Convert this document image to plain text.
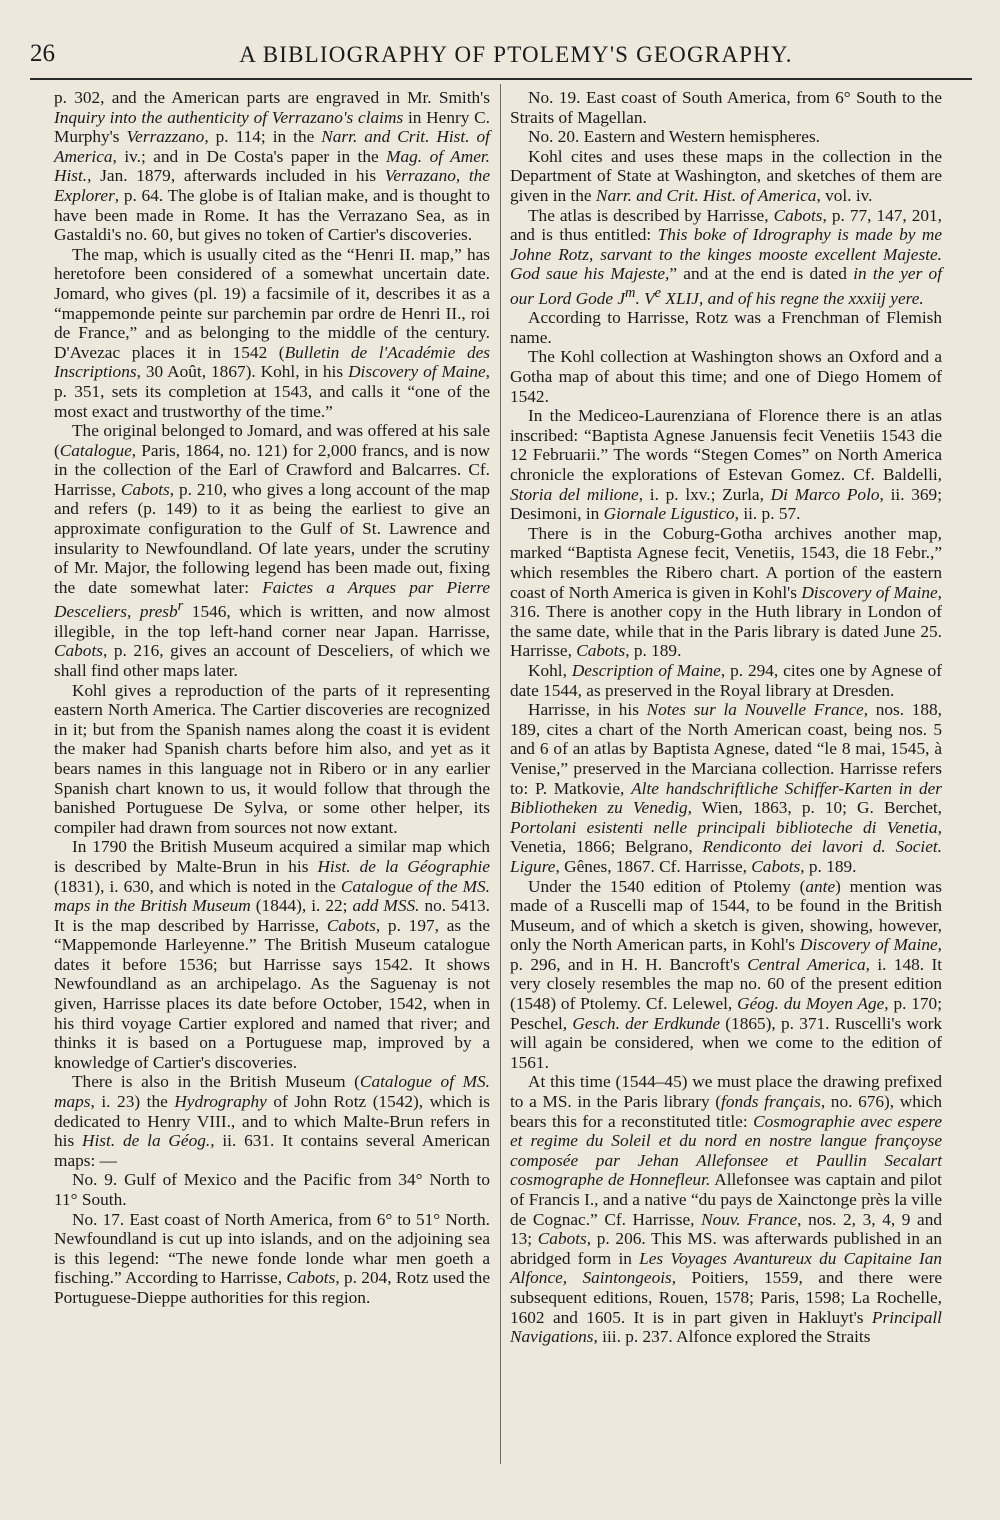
26	A BIBLIOGRAPHY OF PTOLEMY'S GEOGRAPHY.

p. 302, and the American parts are engraved in Mr. Smith's Inquiry into the authenticity of Verrazano's claims in Henry C. Murphy's Verrazzano, p. 114; in the Narr. and Crit. Hist. of America, iv.; and in De Costa's paper in the Mag. of Amer. Hist., Jan. 1879, afterwards included in his Verrazano, the Explorer, p. 64. The globe is of Italian make, and is thought to have been made in Rome. It has the Verrazano Sea, as in Gastaldi's no. 60, but gives no token of Cartier's discoveries.

The map, which is usually cited as the “Henri II. map,” has heretofore been considered of a somewhat uncertain date. Jomard, who gives (pl. 19) a facsimile of it, describes it as a “mappemonde peinte sur parchemin par ordre de Henri II., roi de France,” and as belonging to the middle of the century. D'Avezac places it in 1542 (Bulletin de l'Académie des Inscriptions, 30 Août, 1867). Kohl, in his Discovery of Maine, p. 351, sets its completion at 1543, and calls it “one of the most exact and trustworthy of the time.”

The original belonged to Jomard, and was offered at his sale (Catalogue, Paris, 1864, no. 121) for 2,000 francs, and is now in the collection of the Earl of Crawford and Balcarres. Cf. Harrisse, Cabots, p. 210, who gives a long account of the map and refers (p. 149) to it as being the earliest to give an approximate configuration to the Gulf of St. Lawrence and insularity to Newfoundland. Of late years, under the scrutiny of Mr. Major, the following legend has been made out, fixing the date somewhat later: Faictes a Arques par Pierre Desceliers, presb$^r$ 1546, which is written, and now almost illegible, in the top left-hand corner near Japan. Harrisse, Cabots, p. 216, gives an account of Desceliers, of which we shall find other maps later.

Kohl gives a reproduction of the parts of it representing eastern North America. The Cartier discoveries are recognized in it; but from the Spanish names along the coast it is evident the maker had Spanish charts before him also, and yet as it bears names in this language not in Ribero or in any earlier Spanish chart known to us, it would follow that through the banished Portuguese De Sylva, or some other helper, its compiler had drawn from sources not now extant.

In 1790 the British Museum acquired a similar map which is described by Malte-Brun in his Hist. de la Géographie (1831), i. 630, and which is noted in the Catalogue of the MS. maps in the British Museum (1844), i. 22; add MSS. no. 5413. It is the map described by Harrisse, Cabots, p. 197, as the “Mappemonde Harleyenne.” The British Museum catalogue dates it before 1536; but Harrisse says 1542. It shows Newfoundland as an archipelago. As the Saguenay is not given, Harrisse places its date before October, 1542, when in his third voyage Cartier explored and named that river; and thinks it is based on a Portuguese map, improved by a knowledge of Cartier's discoveries.

There is also in the British Museum (Catalogue of MS. maps, i. 23) the Hydrography of John Rotz (1542), which is dedicated to Henry VIII., and to which Malte-Brun refers in his Hist. de la Géog., ii. 631. It contains several American maps: —

No. 9. Gulf of Mexico and the Pacific from 34° North to 11° South.

No. 17. East coast of North America, from 6° to 51° North. Newfoundland is cut up into islands, and on the adjoining sea is this legend: “The newe fonde londe whar men goeth a fisching.” According to Harrisse, Cabots, p. 204, Rotz used the Portuguese-Dieppe authorities for this region.

No. 19. East coast of South America, from 6° South to the Straits of Magellan.

No. 20. Eastern and Western hemispheres.

Kohl cites and uses these maps in the collection in the Department of State at Washington, and sketches of them are given in the Narr. and Crit. Hist. of America, vol. iv.

The atlas is described by Harrisse, Cabots, p. 77, 147, 201, and is thus entitled: This boke of Idrography is made by me Johne Rotz, sarvant to the kinges mooste excellent Majeste. God saue his Majeste,” and at the end is dated in the yer of our Lord Gode $J^m$. Ve XLIJ, and of his regne the xxxiij yere.

According to Harrisse, Rotz was a Frenchman of Flemish name.

The Kohl collection at Washington shows an Oxford and a Gotha map of about this time; and one of Diego Homem of 1542.

In the Mediceo-Laurenziana of Florence there is an atlas inscribed: “Baptista Agnese Januensis fecit Venetiis 1543 die 12 Februarii.” The words “Stegen Comes” on North America chronicle the explorations of Estevan Gomez. Cf. Baldelli, Storia del milione, i. p. lxv.; Zurla, Di Marco Polo, ii. 369; Desimoni, in Giornale Ligustico, ii. p. 57.

There is in the Coburg-Gotha archives another map, marked “Baptista Agnese fecit, Venetiis, 1543, die 18 Febr.,” which resembles the Ribero chart. A portion of the eastern coast of North America is given in Kohl's Discovery of Maine, 316. There is another copy in the Huth library in London of the same date, while that in the Paris library is dated June 25. Harrisse, Cabots, p. 189.

Kohl, Description of Maine, p. 294, cites one by Agnese of date 1544, as preserved in the Royal library at Dresden.

Harrisse, in his Notes sur la Nouvelle France, nos. 188, 189, cites a chart of the North American coast, being nos. 5 and 6 of an atlas by Baptista Agnese, dated “le 8 mai, 1545, à Venise,” preserved in the Marciana collection. Harrisse refers to: P. Matkovie, Alte handschriftliche Schiffer-Karten in der Bibliotheken zu Venedig, Wien, 1863, p. 10; G. Berchet, Portolani esistenti nelle principali biblioteche di Venetia, Venetia, 1866; Belgrano, Rendiconto dei lavori d. Societ. Ligure, Gênes, 1867. Cf. Harrisse, Cabots, p. 189.

Under the 1540 edition of Ptolemy (ante) mention was made of a Ruscelli map of 1544, to be found in the British Museum, and of which a sketch is given, showing, however, only the North American parts, in Kohl's Discovery of Maine, p. 296, and in H. H. Bancroft's Central America, i. 148. It very closely resembles the map no. 60 of the present edition (1548) of Ptolemy. Cf. Lelewel, Géog. du Moyen Age, p. 170; Peschel, Gesch. der Erdkunde (1865), p. 371. Ruscelli's work will again be considered, when we come to the edition of 1561.

At this time (1544–45) we must place the drawing prefixed to a MS. in the Paris library (fonds français, no. 676), which bears this for a reconstituted title: Cosmographie avec espere et regime du Soleil et du nord en nostre langue françoyse composée par Jehan Allefonsee et Paullin Secalart cosmographe de Honnefleur. Allefonsee was captain and pilot of Francis I., and a native “du pays de Xainctonge près la ville de Cognac.” Cf. Harrisse, Nouv. France, nos. 2, 3, 4, 9 and 13; Cabots, p. 206. This MS. was afterwards published in an abridged form in Les Voyages Avantureux du Capitaine Ian Alfonce, Saintongeois, Poitiers, 1559, and there were subsequent editions, Rouen, 1578; Paris, 1598; La Rochelle, 1602 and 1605. It is in part given in Hakluyt's Principall Navigations, iii. p. 237. Alfonce explored the Straits
